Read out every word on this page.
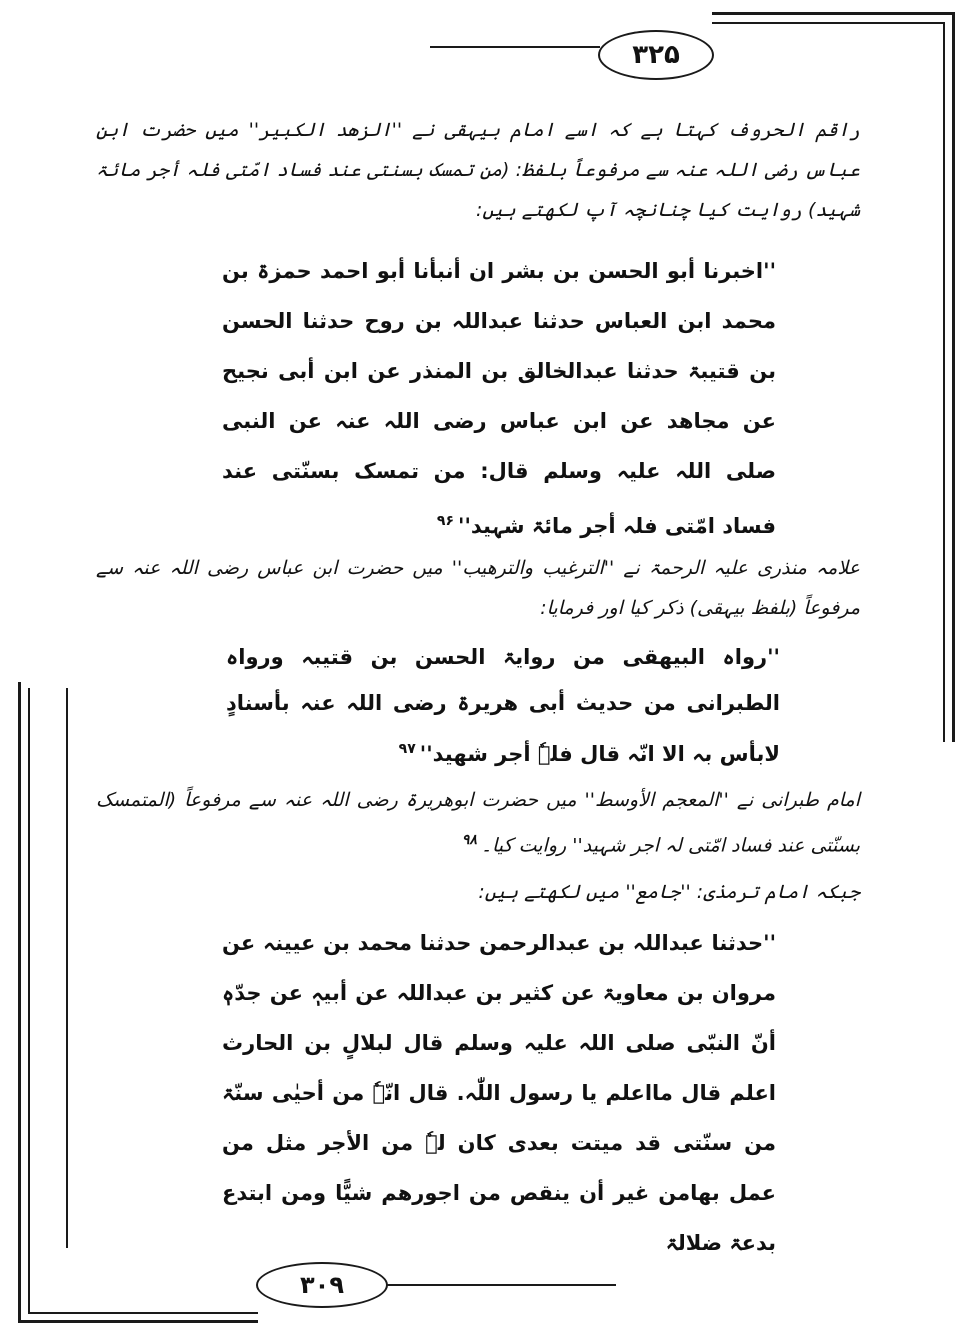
۳۲۵
راقم الحروف کہتا ہے کہ اسے امام بیہقی نے ''الزھد الکبیر'' میں حضرت ابن عباس رضی اللہ عنہ سے مرفوعاً بلفظ: (من تمسک بسنتی عند فساد امّتی فلہ أجر مائۃ شہید) روایت کیا چنانچہ آپ لکھتے ہیں:
''اخبرنا أبو الحسن بن بشر ان أنبأنا أبو احمد حمزۃ بن محمد ابن العباس حدثنا عبداللہ بن روح حدثنا الحسن بن قتیبۃ حدثنا عبدالخالق بن المنذر عن ابن أبی نجیح عن مجاھد عن ابن عباس رضی اللہ عنہ عن النبی صلی اللہ علیہ وسلم قال: من تمسک بسنّتی عند فساد امّتی فلہ أجر مائۃ شہید''$^{۹۶}$
علامہ منذری علیہ الرحمۃ نے ''الترغیب والترھیب'' میں حضرت ابن عباس رضی اللہ عنہ سے مرفوعاً (بلفظ بیہقی) ذکر کیا اور فرمایا:
''رواہ البیھقی من روایۃ الحسن بن قتیبہ ورواہ الطبرانی من حدیث أبی ھریرۃ رضی اللہ عنہ بأسنادٍ لابأس بہ الا انّہ قال فلہٗ أجر شھید''$^{۹۷}$
امام طبرانی نے ''المعجم الأوسط'' میں حضرت ابوھریرۃ رضی اللہ عنہ سے مرفوعاً (المتمسک بسنّتی عند فساد امّتی لہ اجر شہید'' روایت کیا۔$^{۹۸}$
جبکہ امام ترمذی: ''جامع'' میں لکھتے ہیں:
''حدثنا عبداللہ بن عبدالرحمن حدثنا محمد بن عیینہ عن مروان بن معاویۃ عن کثیر بن عبداللہ عن أبیہٖ عن جدّہٖ أنّ النبّی صلی اللہ علیہ وسلم قال لبلالٍ بن الحارث اعلم قال مااعلم یا رسول اللّٰہ. قال انّہٗ من أحیٰی سنّۃ من سنّتی قد میتت بعدی کان لہٗ من الأجر مثل من عمل بھامن غیر أن ینقص من اجورھم شیًّا ومن ابتدع بدعۃ ضلالۃ
۳۰۹
